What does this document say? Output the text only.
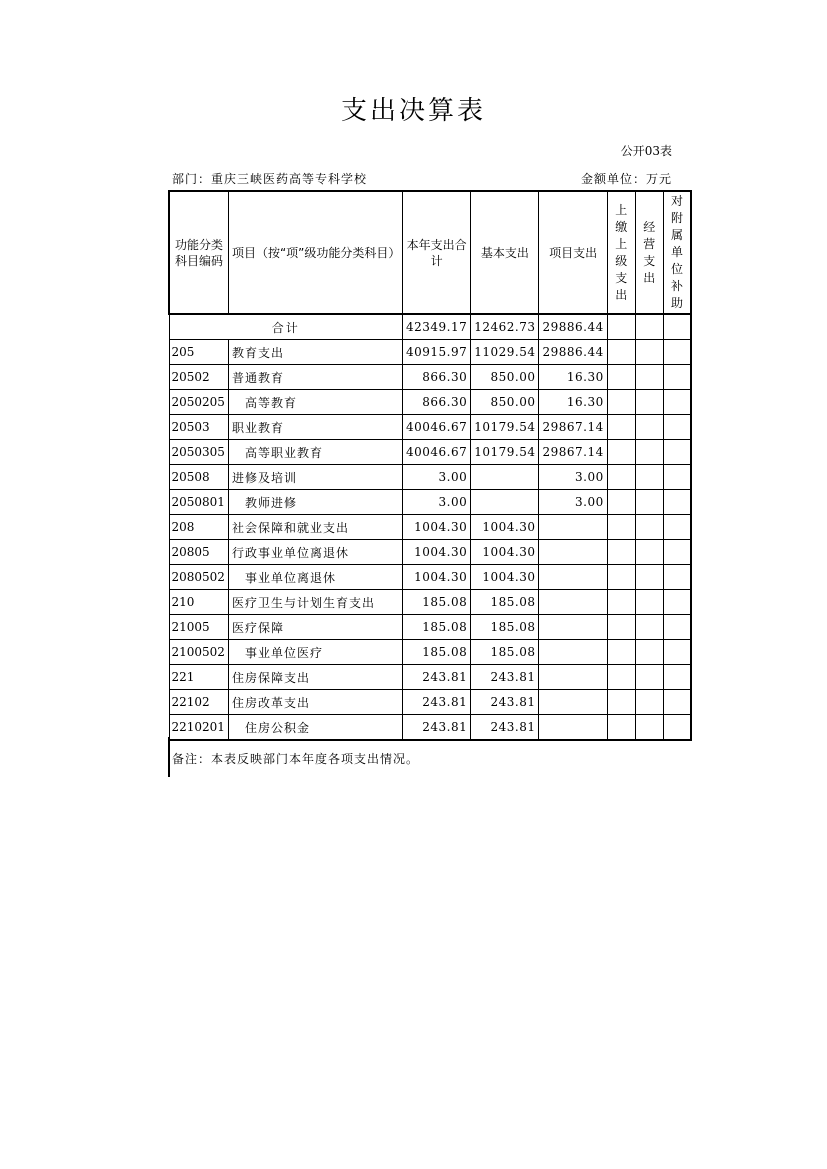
支出决算表
公开03表
部门：重庆三峡医药高等专科学校	金额单位：万元
功能分类科目编码	项目（按“项”级功能分类科目）	本年支出合计	基本支出	项目支出	上缴上级支出	经营支出	对附属单位补助
合计		42349.17	12462.73	29886.44			
205	教育支出	40915.97	11029.54	29886.44			
20502	普通教育	866.30	850.00	16.30			
2050205	高等教育	866.30	850.00	16.30			
20503	职业教育	40046.67	10179.54	29867.14			
2050305	高等职业教育	40046.67	10179.54	29867.14			
20508	进修及培训	3.00		3.00			
2050801	教师进修	3.00		3.00			
208	社会保障和就业支出	1004.30	1004.30				
20805	行政事业单位离退休	1004.30	1004.30				
2080502	事业单位离退休	1004.30	1004.30				
210	医疗卫生与计划生育支出	185.08	185.08				
21005	医疗保障	185.08	185.08				
2100502	事业单位医疗	185.08	185.08				
221	住房保障支出	243.81	243.81				
22102	住房改革支出	243.81	243.81				
2210201	住房公积金	243.81	243.81				
备注：本表反映部门本年度各项支出情况。
